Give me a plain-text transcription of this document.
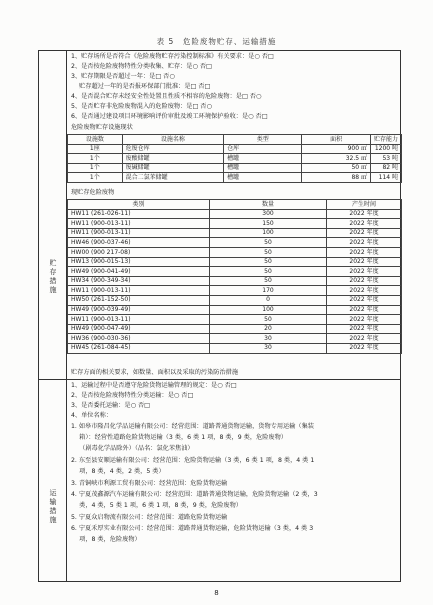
表 5　危险废物贮存、运输措施
贮
存
措
施
运
输
措
施
1、贮存场所是否符合《危险废物贮存污染控制标准》有关要求：是○ 否□
2、是否按危险废物特性分类收集、贮存：是○ 否□
3、贮存期限是否超过一年：是□ 否○
　 贮存超过一年的是否报环保部门批准：是□ 否□
4、是否混合贮存未经安全性处置且性质不相容的危险废物：是□ 否○
5、是否贮存非危险废物混入的危险废物：是□ 否○
6、是否通过建设项目环境影响评价审批及竣工环境保护验收：是○ 否□
危险废物贮存设施现状
设施数	设施名称	类型	面积	贮存能力
1座	危废仓库	仓库	900 ㎡	1200 吨
1个	废酸储罐	槽罐	32.5 ㎡	53 吨
1个	废碱储罐	槽罐	50 ㎡	82 吨
1个	混合二氯苯储罐	槽罐	88 ㎡	114 吨
现贮存危险废物
类别	数量	产生时间
HW11 (261-026-11)	300	2022 年度
HW11 (900-013-11)	150	2022 年度
HW11 (900-013-11)	100	2022 年度
HW46 (900-037-46)	50	2022 年度
HW00 (900 217-08)	50	2022 年度
HW13 (900-015-13)	50	2022 年度
HW49 (900-041-49)	50	2022 年度
HW34 (900-349-34)	50	2022 年度
HW11 (900-013-11)	170	2022 年度
HW50 (261-152-50)	0	2022 年度
HW49 (900-039-49)	100	2022 年度
HW11 (900-013-11)	50	2022 年度
HW49 (900-047-49)	20	2022 年度
HW36 (900-030-36)	30	2022 年度
HW45 (261-084-45)	30	2022 年度
贮存方面的相关要求，如数量、面积以及采取的污染防治措施
1、运输过程中是否遵守危险货物运输管理的规定：是○ 否□
2、是否按危险废物特性分类运输：是○ 否□
3、是否委托运输：是○ 否□
4、单位名称：
1. 如皋市隆昌化学品运输有限公司：经营范围：道路普通货物运输，货物专用运输（集装
　 箱）：经营性道路危险货物运输（3 类，6 类 1 项，8 类，9 类，危险废物）
　 （剧毒化学品除外）（品名：氯化苯焦油）
2. 东至县安顺运输有限公司：经营范围：危险货物运输（3 类，6 类 1 项，8 类，4 类 1
　 项，8 类，4 类，2 类，5 类）
3. 青铜峡市利源工贸有限公司：经营范围：危险货物运输
4. 宁夏茂鑫源汽车运输有限公司：经营范围：道路普通货物运输，危险货物运输（2 类，3
　 类，4 类，5 类 1 项，6 类 1 项，8 类，9 类，危险废物）
5. 宁夏众启物流有限公司：经营范围：道路危险货物运输
6. 宁夏禾厚实业有限公司：经营范围：道路普通货物运输，危险货物运输（3 类，4 类 3
　 项，8 类，危险废物）
8
